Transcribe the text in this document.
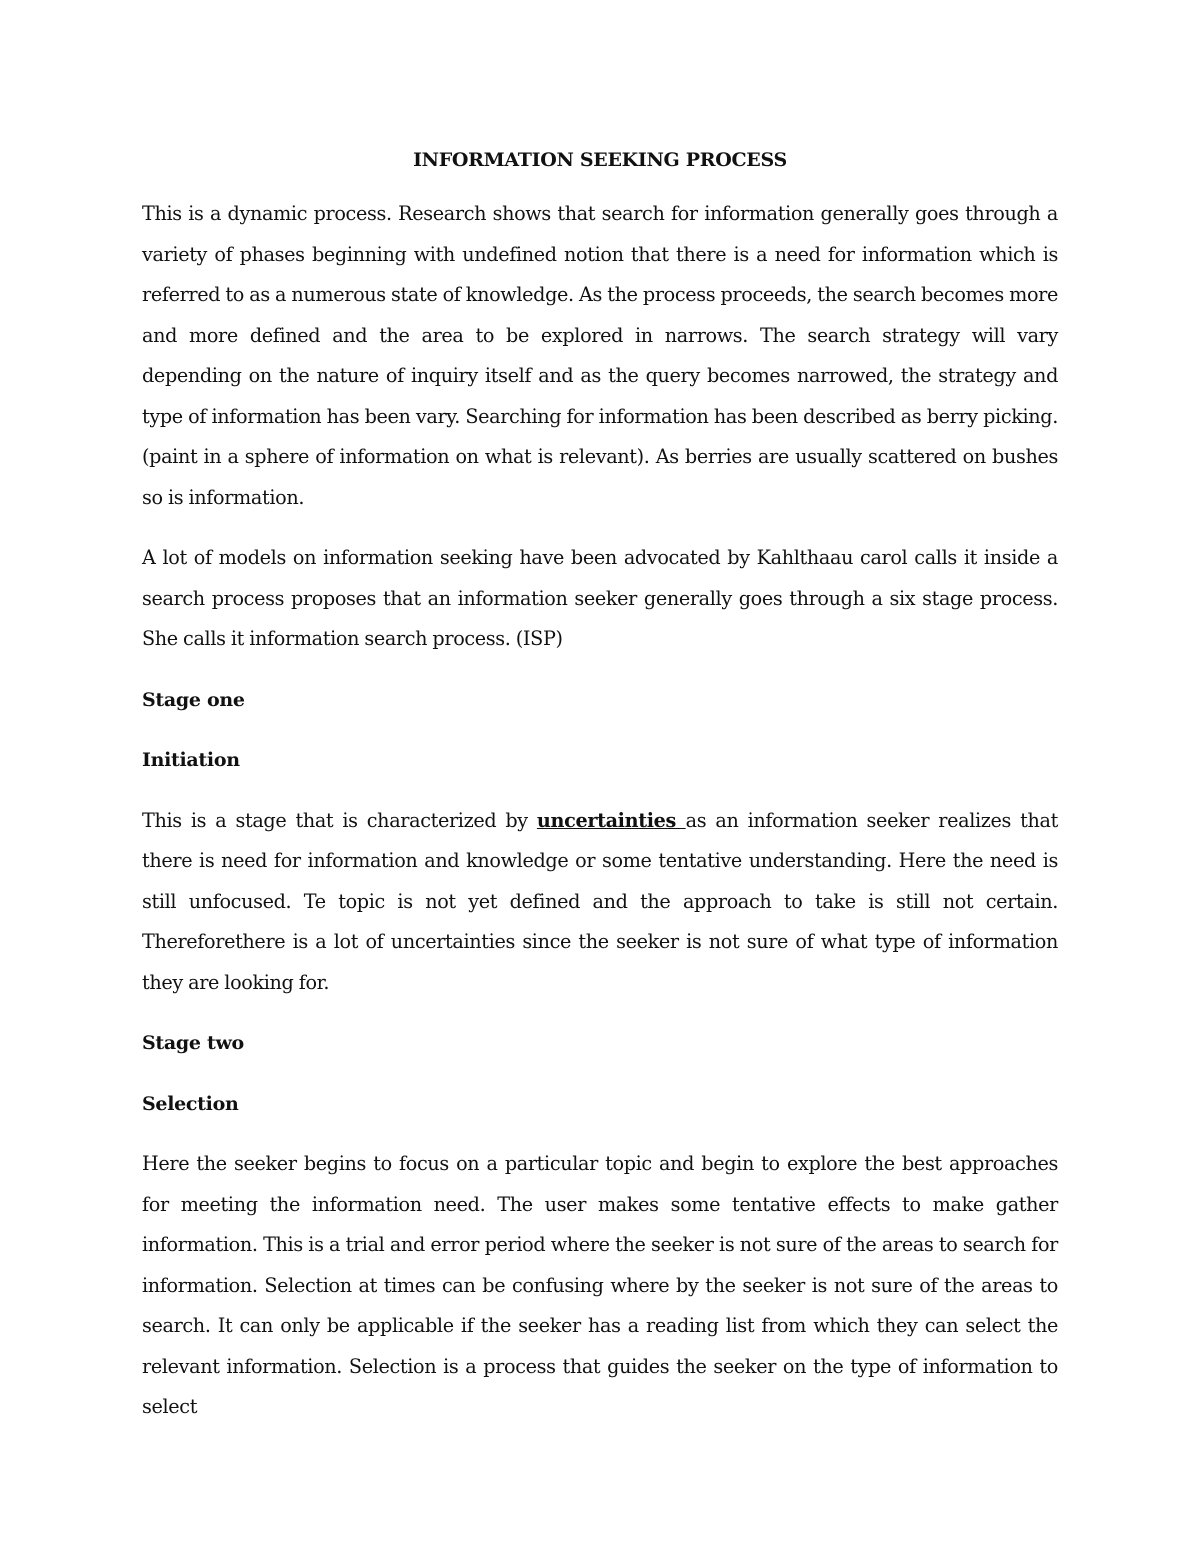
INFORMATION SEEKING PROCESS

This is a dynamic process. Research shows that search for information generally goes through a variety of phases beginning with undefined notion that there is a need for information which is referred to as a numerous state of knowledge. As the process proceeds, the search becomes more and more defined and the area to be explored in narrows. The search strategy will vary depending on the nature of inquiry itself and as the query becomes narrowed, the strategy and type of information has been vary. Searching for information has been described as berry picking. (paint in a sphere of information on what is relevant). As berries are usually scattered on bushes so is information.

A lot of models on information seeking have been advocated by Kahlthaau carol calls it inside a search process proposes that an information seeker generally goes through a six stage process. She calls it information search process. (ISP)

Stage one
Initiation

This is a stage that is characterized by uncertainties as an information seeker realizes that there is need for information and knowledge or some tentative understanding. Here the need is still unfocused. Te topic is not yet defined and the approach to take is still not certain. Thereforethere is a lot of uncertainties since the seeker is not sure of what type of information they are looking for.

Stage two
Selection

Here the seeker begins to focus on a particular topic and begin to explore the best approaches for meeting the information need. The user makes some tentative effects to make gather information. This is a trial and error period where the seeker is not sure of the areas to search for information. Selection at times can be confusing where by the seeker is not sure of the areas to search. It can only be applicable if the seeker has a reading list from which they can select the relevant information. Selection is a process that guides the seeker on the type of information to select
